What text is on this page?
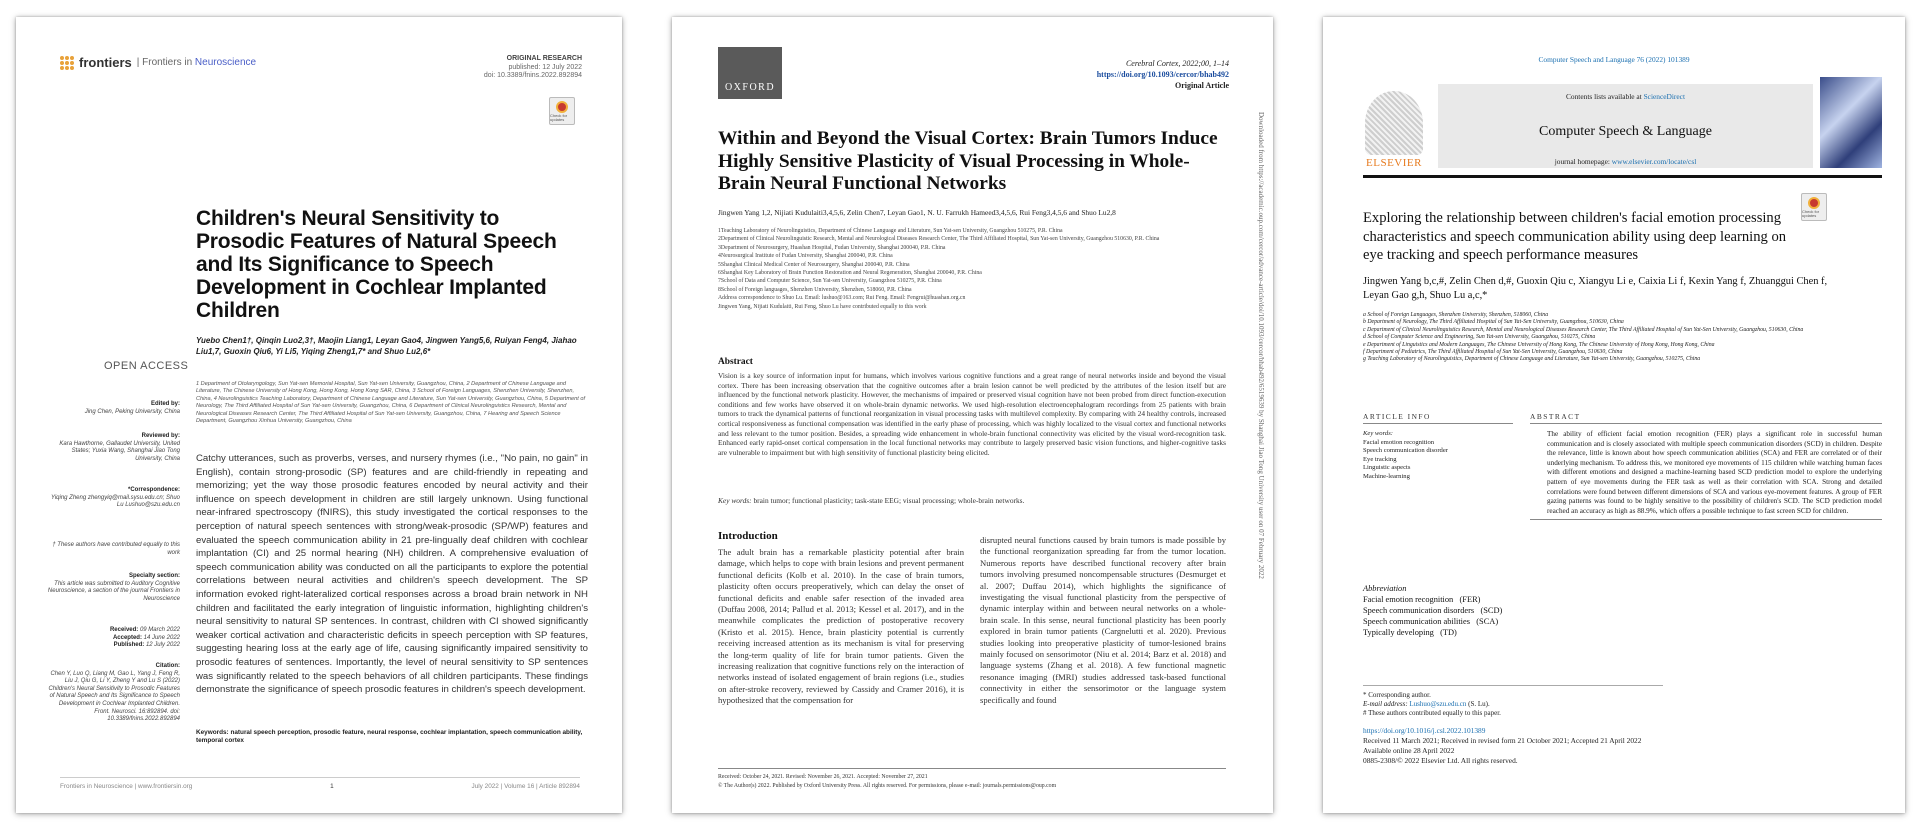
frontiers | Frontiers in Neuroscience	ORIGINAL RESEARCH
published: 12 July 2022
doi: 10.3389/fnins.2022.892894
Check for updates
OPEN ACCESS
Children's Neural Sensitivity to Prosodic Features of Natural Speech and Its Significance to Speech Development in Cochlear Implanted Children
Yuebo Chen1†, Qinqin Luo2,3†, Maojin Liang1, Leyan Gao4, Jingwen Yang5,6, Ruiyan Feng4, Jiahao Liu1,7, Guoxin Qiu6, Yi Li5, Yiqing Zheng1,7* and Shuo Lu2,6*
1 Department of Otolaryngology, Sun Yat-sen Memorial Hospital, Sun Yat-sen University, Guangzhou, China, 2 Department of Chinese Language and Literature, The Chinese University of Hong Kong, Hong Kong, Hong Kong SAR, China, 3 School of Foreign Languages, Shenzhen University, Shenzhen, China, 4 Neurolinguistics Teaching Laboratory, Department of Chinese Language and Literature, Sun Yat-sen University, Guangzhou, China, 5 Department of Neurology, The Third Affiliated Hospital of Sun Yat-sen University, Guangzhou, China, 6 Department of Clinical Neurolinguistics Research, Mental and Neurological Diseases Research Center, The Third Affiliated Hospital of Sun Yat-sen University, Guangzhou, China, 7 Hearing and Speech Science Department, Guangzhou Xinhua University, Guangzhou, China
Edited by:
Jing Chen, Peking University, China
Reviewed by:
Kara Hawthorne, Gallaudet University, United States; Yuxia Wang, Shanghai Jiao Tong University, China
*Correspondence:
Yiqing Zheng zhengyiq@mail.sysu.edu.cn; Shuo Lu Lushuo@szu.edu.cn
† These authors have contributed equally to this work
Specialty section:
This article was submitted to Auditory Cognitive Neuroscience, a section of the journal Frontiers in Neuroscience
Received: 09 March 2022
Accepted: 14 June 2022
Published: 12 July 2022
Citation:
Chen Y, Luo Q, Liang M, Gao L, Yang J, Feng R, Liu J, Qiu G, Li Y, Zheng Y and Lu S (2022) Children's Neural Sensitivity to Prosodic Features of Natural Speech and Its Significance to Speech Development in Cochlear Implanted Children. Front. Neurosci. 16:892894. doi: 10.3389/fnins.2022.892894
Catchy utterances, such as proverbs, verses, and nursery rhymes (i.e., "No pain, no gain" in English), contain strong-prosodic (SP) features and are child-friendly in repeating and memorizing; yet the way those prosodic features encoded by neural activity and their influence on speech development in children are still largely unknown. Using functional near-infrared spectroscopy (fNIRS), this study investigated the cortical responses to the perception of natural speech sentences with strong/weak-prosodic (SP/WP) features and evaluated the speech communication ability in 21 pre-lingually deaf children with cochlear implantation (CI) and 25 normal hearing (NH) children. A comprehensive evaluation of speech communication ability was conducted on all the participants to explore the potential correlations between neural activities and children's speech development. The SP information evoked right-lateralized cortical responses across a broad brain network in NH children and facilitated the early integration of linguistic information, highlighting children's neural sensitivity to natural SP sentences. In contrast, children with CI showed significantly weaker cortical activation and characteristic deficits in speech perception with SP features, suggesting hearing loss at the early age of life, causing significantly impaired sensitivity to prosodic features of sentences. Importantly, the level of neural sensitivity to SP sentences was significantly related to the speech behaviors of all children participants. These findings demonstrate the significance of speech prosodic features in children's speech development.
Keywords: natural speech perception, prosodic feature, neural response, cochlear implantation, speech communication ability, temporal cortex
Frontiers in Neuroscience | www.frontiersin.org	1	July 2022 | Volume 16 | Article 892894
OXFORD
Cerebral Cortex, 2022;00, 1–14
https://doi.org/10.1093/cercor/bhab492
Original Article
Within and Beyond the Visual Cortex: Brain Tumors Induce Highly Sensitive Plasticity of Visual Processing in Whole-Brain Neural Functional Networks
Jingwen Yang 1,2, Nijiati Kudulaiti3,4,5,6, Zelin Chen7, Leyan Gao1, N. U. Farrukh Hameed3,4,5,6, Rui Feng3,4,5,6 and Shuo Lu2,8
1Teaching Laboratory of Neurolinguistics, Department of Chinese Language and Literature, Sun Yat-sen University, Guangzhou 510275, P.R. China
2Department of Clinical Neurolinguistic Research, Mental and Neurological Diseases Research Center, The Third Affiliated Hospital, Sun Yat-sen University, Guangzhou 510630, P.R. China
3Department of Neurosurgery, Huashan Hospital, Fudan University, Shanghai 200040, P.R. China
4Neurosurgical Institute of Fudan University, Shanghai 200040, P.R. China
5Shanghai Clinical Medical Center of Neurosurgery, Shanghai 200040, P.R. China
6Shanghai Key Laboratory of Brain Function Restoration and Neural Regeneration, Shanghai 200040, P.R. China
7School of Data and Computer Science, Sun Yat-sen University, Guangzhou 510275, P.R. China
8School of Foreign languages, Shenzhen University, Shenzhen, 518060, P.R. China
Address correspondence to Shuo Lu. Email: lushuo@163.com; Rui Feng. Email: Fengrui@huashan.org.cn
Jingwen Yang, Nijiati Kudulaiti, Rui Feng, Shuo Lu have contributed equally to this work
Abstract
Vision is a key source of information input for humans, which involves various cognitive functions and a great range of neural networks inside and beyond the visual cortex. There has been increasing observation that the cognitive outcomes after a brain lesion cannot be well predicted by the attributes of the lesion itself but are influenced by the functional network plasticity. However, the mechanisms of impaired or preserved visual cognition have not been probed from direct function-execution conditions and few works have observed it on whole-brain dynamic networks. We used high-resolution electroencephalogram recordings from 25 patients with brain tumors to track the dynamical patterns of functional reorganization in visual processing tasks with multilevel complexity. By comparing with 24 healthy controls, increased cortical responsiveness as functional compensation was identified in the early phase of processing, which was highly localized to the visual cortex and functional networks and less relevant to the tumor position. Besides, a spreading wide enhancement in whole-brain functional connectivity was elicited by the visual word-recognition task. Enhanced early rapid-onset cortical compensation in the local functional networks may contribute to largely preserved basic vision functions, and higher-cognitive tasks are vulnerable to impairment but with high sensitivity of functional plasticity being elicited.
Key words: brain tumor; functional plasticity; task-state EEG; visual processing; whole-brain networks.
Introduction
The adult brain has a remarkable plasticity potential after brain damage, which helps to cope with brain lesions and prevent permanent functional deficits (Kolb et al. 2010). In the case of brain tumors, plasticity often occurs preoperatively, which can delay the onset of functional deficits and enable safer resection of the invaded area (Duffau 2008, 2014; Pallud et al. 2013; Kessel et al. 2017), and in the meanwhile complicates the prediction of postoperative recovery (Kristo et al. 2015). Hence, brain plasticity potential is currently receiving increased attention as its mechanism is vital for preserving the long-term quality of life for brain tumor patients. Given the increasing realization that cognitive functions rely on the interaction of networks instead of isolated engagement of brain regions (i.e., studies on after-stroke recovery, reviewed by Cassidy and Cramer 2016), it is hypothesized that the compensation for
disrupted neural functions caused by brain tumors is made possible by the functional reorganization spreading far from the tumor location. Numerous reports have described functional recovery after brain tumors involving presumed noncompensable structures (Desmurget et al. 2007; Duffau 2014), which highlights the significance of investigating the visual functional plasticity from the perspective of dynamic interplay within and between neural networks on a whole-brain scale. In this sense, neural functional plasticity has been poorly explored in brain tumor patients (Cargnelutti et al. 2020). Previous studies looking into preoperative plasticity of tumor-lesioned brains mainly focused on sensorimotor (Niu et al. 2014; Barz et al. 2018) and language systems (Zhang et al. 2018). A few functional magnetic resonance imaging (fMRI) studies addressed task-based functional connectivity in either the sensorimotor or the language system specifically and found
Received: October 24, 2021. Revised: November 26, 2021. Accepted: November 27, 2021
© The Author(s) 2022. Published by Oxford University Press. All rights reserved. For permissions, please e-mail: journals.permissions@oup.com
Downloaded from https://academic.oup.com/cercor/advance-article/doi/10.1093/cercor/bhab492/6519639 by Shanghai Jiao Tong University user on 07 February 2022
Computer Speech and Language 76 (2022) 101389
ELSEVIER
Contents lists available at ScienceDirect
Computer Speech & Language
journal homepage: www.elsevier.com/locate/csl
Check for updates
Exploring the relationship between children's facial emotion processing characteristics and speech communication ability using deep learning on eye tracking and speech performance measures
Jingwen Yang b,c,#, Zelin Chen d,#, Guoxin Qiu c, Xiangyu Li e, Caixia Li f, Kexin Yang f, Zhuanggui Chen f, Leyan Gao g,h, Shuo Lu a,c,*
a School of Foreign Languages, Shenzhen University, Shenzhen, 518060, China
b Department of Neurology, The Third Affiliated Hospital of Sun Yat-Sen University, Guangzhou, 510630, China
c Department of Clinical Neurolinguistics Research, Mental and Neurological Diseases Research Center, The Third Affiliated Hospital of Sun Yat-Sen University, Guangzhou, 510630, China
d School of Computer Science and Engineering, Sun Yat-sen University, Guangzhou, 510275, China
e Department of Linguistics and Modern Languages, The Chinese University of Hong Kong, The Chinese University of Hong Kong, Hong Kong, China
f Department of Pediatrics, The Third Affiliated Hospital of Sun Yat-Sen University, Guangzhou, 510630, China
g Teaching Laboratory of Neurolinguistics, Department of Chinese Language and Literature, Sun Yat-sen University, Guangzhou, 510275, China
ARTICLE INFO
Key words:
Facial emotion recognition
Speech communication disorder
Eye tracking
Linguistic aspects
Machine-learning
ABSTRACT
The ability of efficient facial emotion recognition (FER) plays a significant role in successful human communication and is closely associated with multiple speech communication disorders (SCD) in children. Despite the relevance, little is known about how speech communication abilities (SCA) and FER are correlated or of their underlying mechanism. To address this, we monitored eye movements of 115 children while watching human faces with different emotions and designed a machine-learning based SCD prediction model to explore the underlying pattern of eye movements during the FER task as well as their correlation with SCA. Strong and detailed correlations were found between different dimensions of SCA and various eye-movement features. A group of FER gazing patterns was found to be highly sensitive to the possibility of children's SCD. The SCD prediction model reached an accuracy as high as 88.9%, which offers a possible technique to fast screen SCD for children.
Abbreviation
Facial emotion recognition   (FER)
Speech communication disorders   (SCD)
Speech communication abilities   (SCA)
Typically developing   (TD)
* Corresponding author.
E-mail address: Lushuo@szu.edu.cn (S. Lu).
# These authors contributed equally to this paper.
https://doi.org/10.1016/j.csl.2022.101389
Received 11 March 2021; Received in revised form 21 October 2021; Accepted 21 April 2022
Available online 28 April 2022
0885-2308/© 2022 Elsevier Ltd. All rights reserved.
